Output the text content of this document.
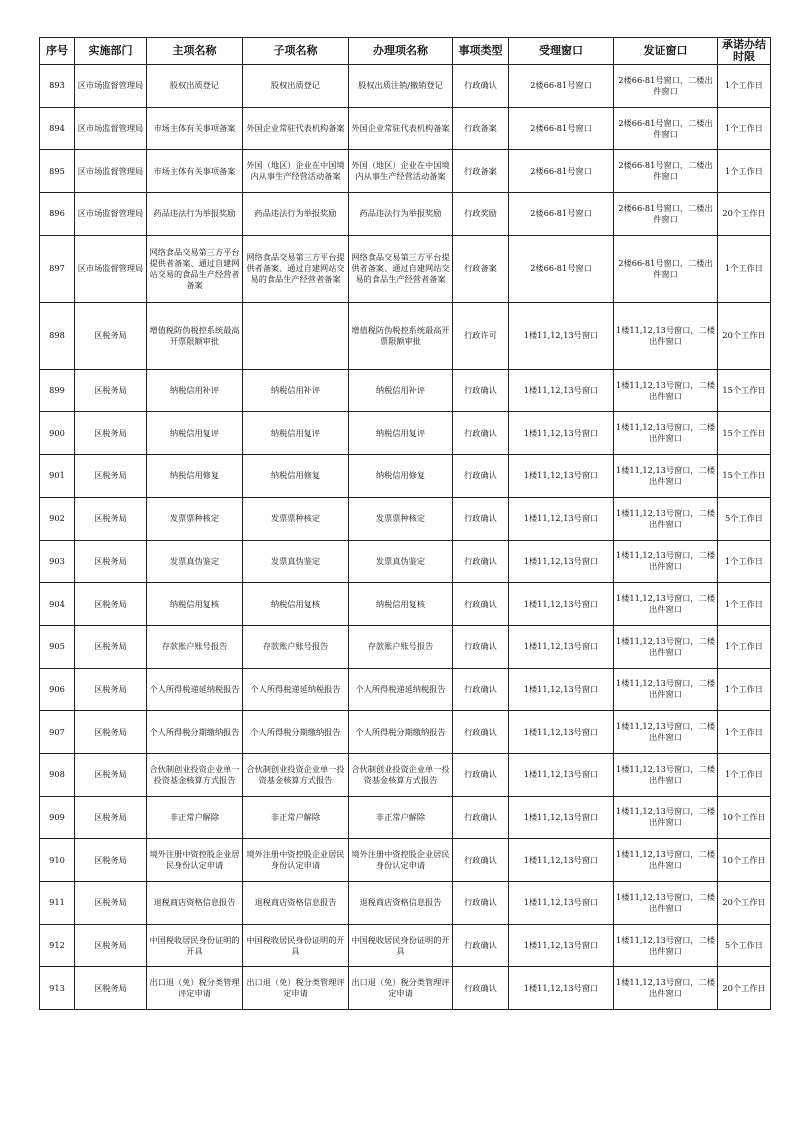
序号	实施部门	主项名称	子项名称	办理项名称	事项类型	受理窗口	发证窗口	承诺办结时限
893	区市场监督管理局	股权出质登记	股权出质登记	股权出质注销/撤销登记	行政确认	2楼66-81号窗口	2楼66-81号窗口，二楼出件窗口	1个工作日
894	区市场监督管理局	市场主体有关事项备案	外国企业常驻代表机构备案	外国企业常驻代表机构备案	行政备案	2楼66-81号窗口	2楼66-81号窗口，二楼出件窗口	1个工作日
895	区市场监督管理局	市场主体有关事项备案	外国（地区）企业在中国境内从事生产经营活动备案	外国（地区）企业在中国境内从事生产经营活动备案	行政备案	2楼66-81号窗口	2楼66-81号窗口，二楼出件窗口	1个工作日
896	区市场监督管理局	药品违法行为举报奖励	药品违法行为举报奖励	药品违法行为举报奖励	行政奖励	2楼66-81号窗口	2楼66-81号窗口，二楼出件窗口	20个工作日
897	区市场监督管理局	网络食品交易第三方平台提供者备案、通过自建网站交易的食品生产经营者备案	网络食品交易第三方平台提供者备案、通过自建网站交易的食品生产经营者备案	网络食品交易第三方平台提供者备案、通过自建网站交易的食品生产经营者备案	行政备案	2楼66-81号窗口	2楼66-81号窗口，二楼出件窗口	1个工作日
898	区税务局	增值税防伪税控系统最高开票限额审批		增值税防伪税控系统最高开票限额审批	行政许可	1楼11,12,13号窗口	1楼11,12,13号窗口，二楼出件窗口	20个工作日
899	区税务局	纳税信用补评	纳税信用补评	纳税信用补评	行政确认	1楼11,12,13号窗口	1楼11,12,13号窗口，二楼出件窗口	15个工作日
900	区税务局	纳税信用复评	纳税信用复评	纳税信用复评	行政确认	1楼11,12,13号窗口	1楼11,12,13号窗口，二楼出件窗口	15个工作日
901	区税务局	纳税信用修复	纳税信用修复	纳税信用修复	行政确认	1楼11,12,13号窗口	1楼11,12,13号窗口，二楼出件窗口	15个工作日
902	区税务局	发票票种核定	发票票种核定	发票票种核定	行政确认	1楼11,12,13号窗口	1楼11,12,13号窗口，二楼出件窗口	5个工作日
903	区税务局	发票真伪鉴定	发票真伪鉴定	发票真伪鉴定	行政确认	1楼11,12,13号窗口	1楼11,12,13号窗口，二楼出件窗口	1个工作日
904	区税务局	纳税信用复核	纳税信用复核	纳税信用复核	行政确认	1楼11,12,13号窗口	1楼11,12,13号窗口，二楼出件窗口	1个工作日
905	区税务局	存款账户账号报告	存款账户账号报告	存款账户账号报告	行政确认	1楼11,12,13号窗口	1楼11,12,13号窗口，二楼出件窗口	1个工作日
906	区税务局	个人所得税递延纳税报告	个人所得税递延纳税报告	个人所得税递延纳税报告	行政确认	1楼11,12,13号窗口	1楼11,12,13号窗口，二楼出件窗口	1个工作日
907	区税务局	个人所得税分期缴纳报告	个人所得税分期缴纳报告	个人所得税分期缴纳报告	行政确认	1楼11,12,13号窗口	1楼11,12,13号窗口，二楼出件窗口	1个工作日
908	区税务局	合伙制创业投资企业单一投资基金核算方式报告	合伙制创业投资企业单一投资基金核算方式报告	合伙制创业投资企业单一投资基金核算方式报告	行政确认	1楼11,12,13号窗口	1楼11,12,13号窗口，二楼出件窗口	1个工作日
909	区税务局	非正常户解除	非正常户解除	非正常户解除	行政确认	1楼11,12,13号窗口	1楼11,12,13号窗口，二楼出件窗口	10个工作日
910	区税务局	境外注册中资控股企业居民身份认定申请	境外注册中资控股企业居民身份认定申请	境外注册中资控股企业居民身份认定申请	行政确认	1楼11,12,13号窗口	1楼11,12,13号窗口，二楼出件窗口	10个工作日
911	区税务局	退税商店资格信息报告	退税商店资格信息报告	退税商店资格信息报告	行政确认	1楼11,12,13号窗口	1楼11,12,13号窗口，二楼出件窗口	20个工作日
912	区税务局	中国税收居民身份证明的开具	中国税收居民身份证明的开具	中国税收居民身份证明的开具	行政确认	1楼11,12,13号窗口	1楼11,12,13号窗口，二楼出件窗口	5个工作日
913	区税务局	出口退（免）税分类管理评定申请	出口退（免）税分类管理评定申请	出口退（免）税分类管理评定申请	行政确认	1楼11,12,13号窗口	1楼11,12,13号窗口，二楼出件窗口	20个工作日
